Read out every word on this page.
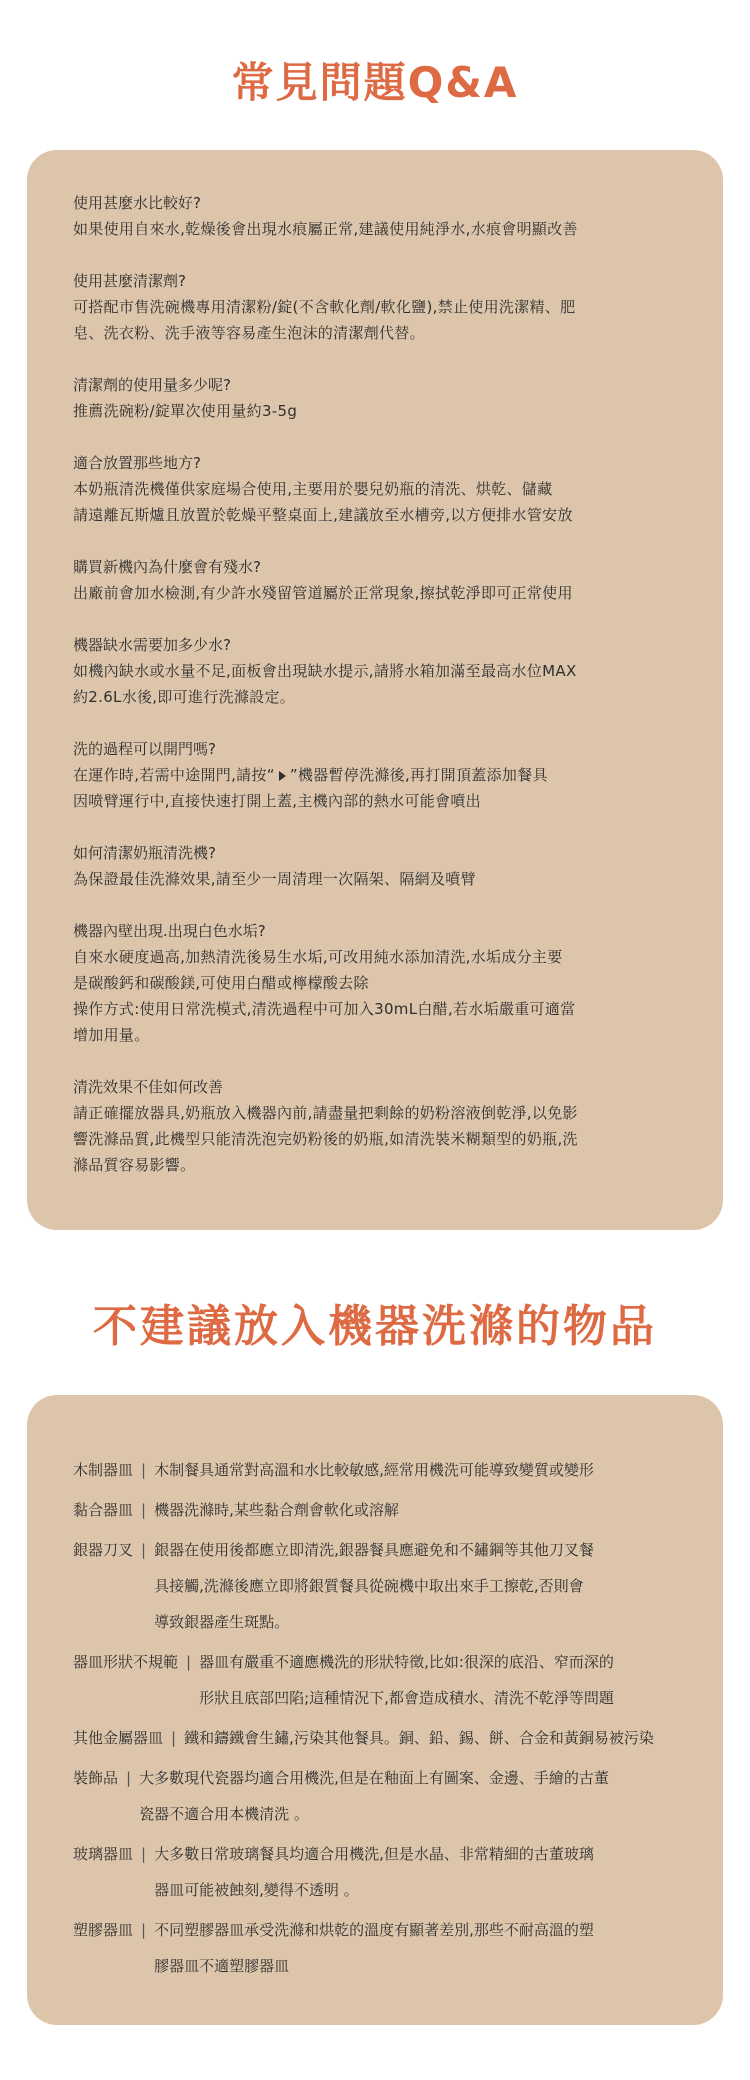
常見問題Q&A

使用甚麼水比較好?

如果使用自來水,乾燥後會出現水痕屬正常,建議使用純淨水,水痕會明顯改善

使用甚麼清潔劑?

可搭配市售洗碗機專用清潔粉/錠(不含軟化劑/軟化鹽),禁止使用洗潔精、肥

皂、洗衣粉、洗手液等容易產生泡沫的清潔劑代替。

清潔劑的使用量多少呢?

推薦洗碗粉/錠單次使用量約3-5g

適合放置那些地方?

本奶瓶清洗機僅供家庭場合使用,主要用於嬰兒奶瓶的清洗、烘乾、儲藏

請遠離瓦斯爐且放置於乾燥平整桌面上,建議放至水槽旁,以方便排水管安放

購買新機內為什麼會有殘水?

出廠前會加水檢測,有少許水殘留管道屬於正常現象,擦拭乾淨即可正常使用

機器缺水需要加多少水?

如機內缺水或水量不足,面板會出現缺水提示,請將水箱加滿至最高水位MAX

約2.6L水後,即可進行洗滌設定。

洗的過程可以開門嗎?

在運作時,若需中途開門,請按“ ”機器暫停洗滌後,再打開頂蓋添加餐具

因喷臂運行中,直接快速打開上蓋,主機內部的熱水可能會噴出

如何清潔奶瓶清洗機?

為保證最佳洗滌效果,請至少一周清理一次隔架、隔網及噴臂

機器內壁出現.出現白色水垢?

自來水硬度過高,加熱清洗後易生水垢,可改用純水添加清洗,水垢成分主要

是碳酸鈣和碳酸鎂,可使用白醋或檸檬酸去除

操作方式:使用日常洗模式,清洗過程中可加入30mL白醋,若水垢嚴重可適當

增加用量。

清洗效果不佳如何改善

請正確擺放器具,奶瓶放入機器內前,請盡量把剩餘的奶粉溶液倒乾淨,以免影

響洗滌品質,此機型只能清洗泡完奶粉後的奶瓶,如清洗裝米糊類型的奶瓶,洗

滌品質容易影響。

不建議放入機器洗滌的物品
木制器皿 | 木制餐具通常對高溫和水比較敏感,經常用機洗可能導致變質或變形
黏合器皿 | 機器洗滌時,某些黏合劑會軟化或溶解
銀器刀叉 | 銀器在使用後都應立即清洗,銀器餐具應避免和不鏽鋼等其他刀叉餐
具接觸,洗滌後應立即將銀質餐具從碗機中取出來手工擦乾,否則會
導致銀器產生斑點。
器皿形狀不規範 | 器皿有嚴重不適應機洗的形狀特徵,比如:很深的底沿、窄而深的
形狀且底部凹陷;這種情況下,都會造成積水、清洗不乾淨等問題
其他金屬器皿 | 鐵和鑄鐵會生鏽,污染其他餐具。銅、鉛、錫、餅、合金和黃銅易被污染
裝飾品 | 大多數現代瓷器均適合用機洗,但是在釉面上有圖案、金邊、手繪的古董
瓷器不適合用本機清洗 。
玻璃器皿 | 大多數日常玻璃餐具均適合用機洗,但是水晶、非常精細的古董玻璃
器皿可能被蝕刻,變得不透明 。
塑膠器皿 | 不同塑膠器皿承受洗滌和烘乾的溫度有顯著差別,那些不耐高溫的塑
膠器皿不適塑膠器皿
